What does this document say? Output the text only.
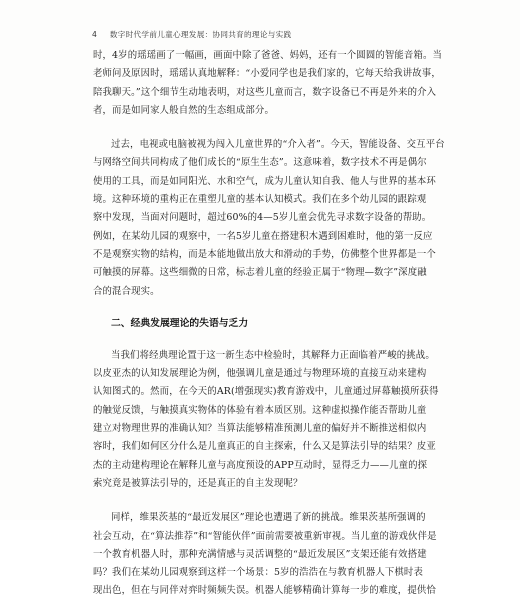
4 数字时代学前儿童心理发展：协同共育的理论与实践
时，4岁的瑶瑶画了一幅画，画面中除了爸爸、妈妈，还有一个圆圆的智能音箱。当
老师问及原因时，瑶瑶认真地解释：“小爱同学也是我们家的，它每天给我讲故事，
陪我聊天。”这个细节生动地表明，对这些儿童而言，数字设备已不再是外来的介入
者，而是如同家人般自然的生态组成部分。
过去，电视或电脑被视为闯入儿童世界的“介入者”。今天，智能设备、交互平台
与网络空间共同构成了他们成长的“原生生态”。这意味着，数字技术不再是偶尔
使用的工具，而是如同阳光、水和空气，成为儿童认知自我、他人与世界的基本环
境。这种环境的重构正在重塑儿童的基本认知模式。我们在多个幼儿园的跟踪观
察中发现，当面对问题时，超过60%的4—5岁儿童会优先寻求数字设备的帮助。
例如，在某幼儿园的观察中，一名5岁儿童在搭建积木遇到困难时，他的第一反应
不是观察实物的结构，而是本能地做出放大和滑动的手势，仿佛整个世界都是一个
可触摸的屏幕。这些细微的日常，标志着儿童的经验正属于“物理—数字”深度融
合的混合现实。
二、经典发展理论的失语与乏力
当我们将经典理论置于这一新生态中检验时，其解释力正面临着严峻的挑战。
以皮亚杰的认知发展理论为例，他强调儿童是通过与物理环境的直接互动来建构
认知图式的。然而，在今天的AR(增强现实)教育游戏中，儿童通过屏幕触摸所获得
的触觉反馈，与触摸真实物体的体验有着本质区别。这种虚拟操作能否帮助儿童
建立对物理世界的准确认知？当算法能够精准预测儿童的偏好并不断推送相似内
容时，我们如何区分什么是儿童真正的自主探索，什么又是算法引导的结果？皮亚
杰的主动建构理论在解释儿童与高度预设的APP互动时，显得乏力——儿童的探
索究竟是被算法引导的，还是真正的自主发现呢？
同样，维果茨基的“最近发展区”理论也遭遇了新的挑战。维果茨基所强调的
社会互动，在“算法推荐”和“智能伙伴”面前需要被重新审视。当儿童的游戏伙伴是
一个教育机器人时，那种充满情感与灵活调整的“最近发展区”支架还能有效搭建
吗？我们在某幼儿园观察到这样一个场景：5岁的浩浩在与教育机器人下棋时表
现出色，但在与同伴对弈时频频失误。机器人能够精确计算每一步的难度，提供恰
